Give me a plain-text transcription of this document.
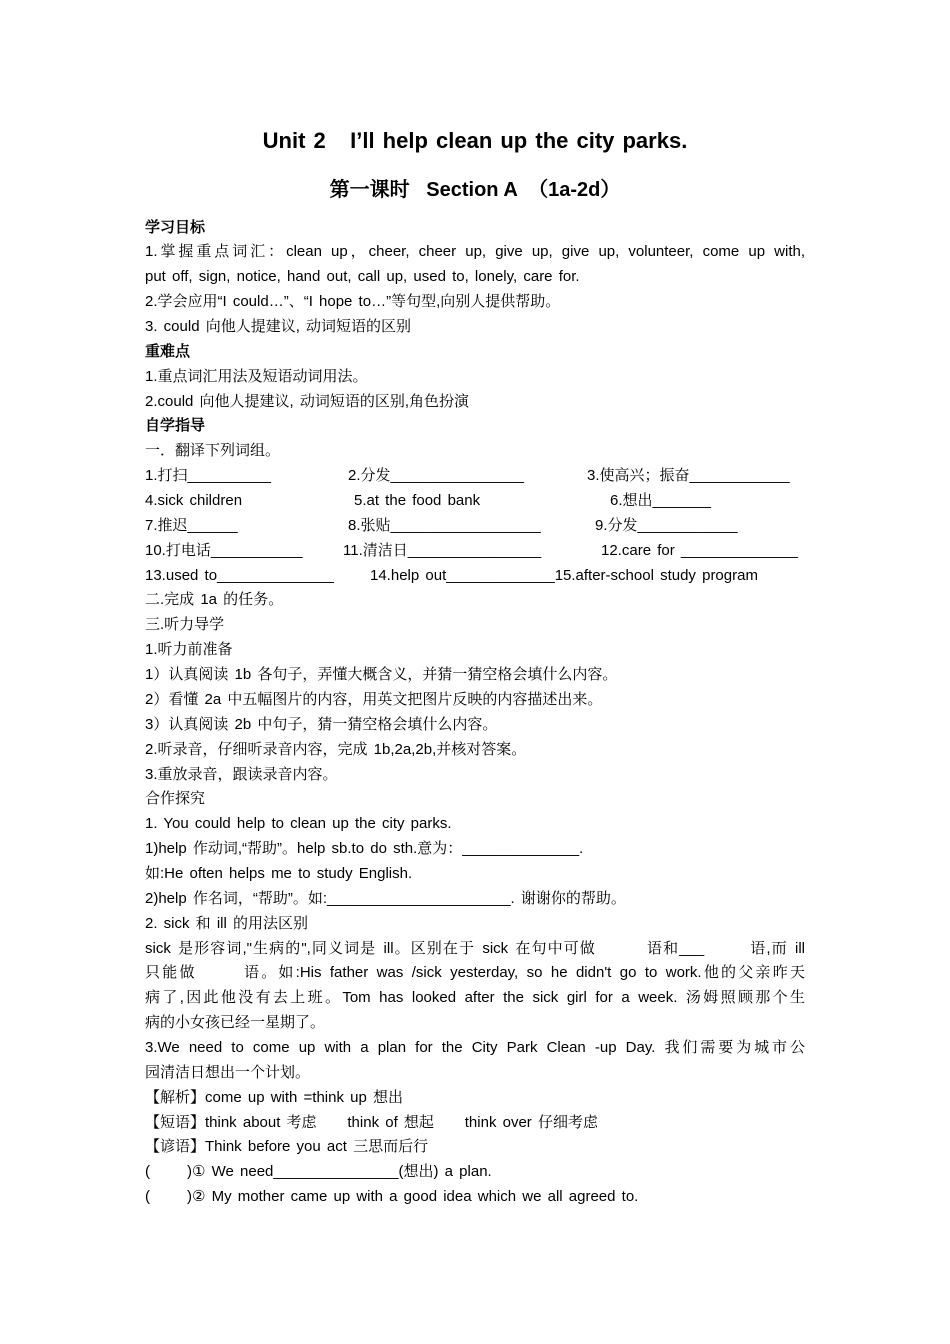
Unit 2   I’ll help clean up the city parks.
第一课时   Section A  （1a-2d）
学习目标
1.掌握重点词汇：clean up，cheer, cheer up, give up, give up, volunteer, come up with,
put off, sign, notice, hand out, call up, used to, lonely, care for.
2.学会应用“I could…”、“I hope to…”等句型,向别人提供帮助。
3. could 向他人提建议, 动词短语的区别
重难点
1.重点词汇用法及短语动词用法。
2.could 向他人提建议, 动词短语的区别,角色扮演
自学指导
一．翻译下列词组。
1.打扫__________	2.分发________________	3.使高兴；振奋____________
4.sick children	5.at the food bank	6.想出_______
7.推迟______	8.张贴__________________	9.分发____________
10.打电话___________	11.清洁日________________	12.care for ______________
13.used to______________ 14.help out_____________15.after-school study program
二.完成 1a 的任务。
三.听力导学
1.听力前准备
1）认真阅读 1b 各句子，弄懂大概含义，并猜一猜空格会填什么内容。
2）看懂 2a 中五幅图片的内容，用英文把图片反映的内容描述出来。
3）认真阅读 2b 中句子，猜一猜空格会填什么内容。
2.听录音，仔细听录音内容，完成 1b,2a,2b,并核对答案。
3.重放录音，跟读录音内容。
合作探究
1. You could help to clean up the city parks.
1)help 作动词,“帮助”。help sb.to do sth.意为：______________.
如:He often helps me to study English.
2)help 作名词，“帮助”。如:______________________. 谢谢你的帮助。
2. sick 和 ill 的用法区别
sick 是形容词,"生病的",同义词是 ill。区别在于 sick 在句中可做	语和___	语,而 ill
只能做	语。如:His father was /sick yesterday, so he didn't go to work.他的父亲昨天
病了,因此他没有去上班。Tom has looked after the sick girl for a week. 汤姆照顾那个生
病的小女孩已经一星期了。
3.We need to come up with a plan for the City Park Clean -up Day. 我们需要为城市公
园清洁日想出一个计划。
【解析】come up with =think up 想出
【短语】think about 考虑     think of 想起     think over 仔细考虑
【谚语】Think before you act 三思而后行
(      )① We need_______________(想出) a plan.
(      )② My mother came up with a good idea which we all agreed to.
